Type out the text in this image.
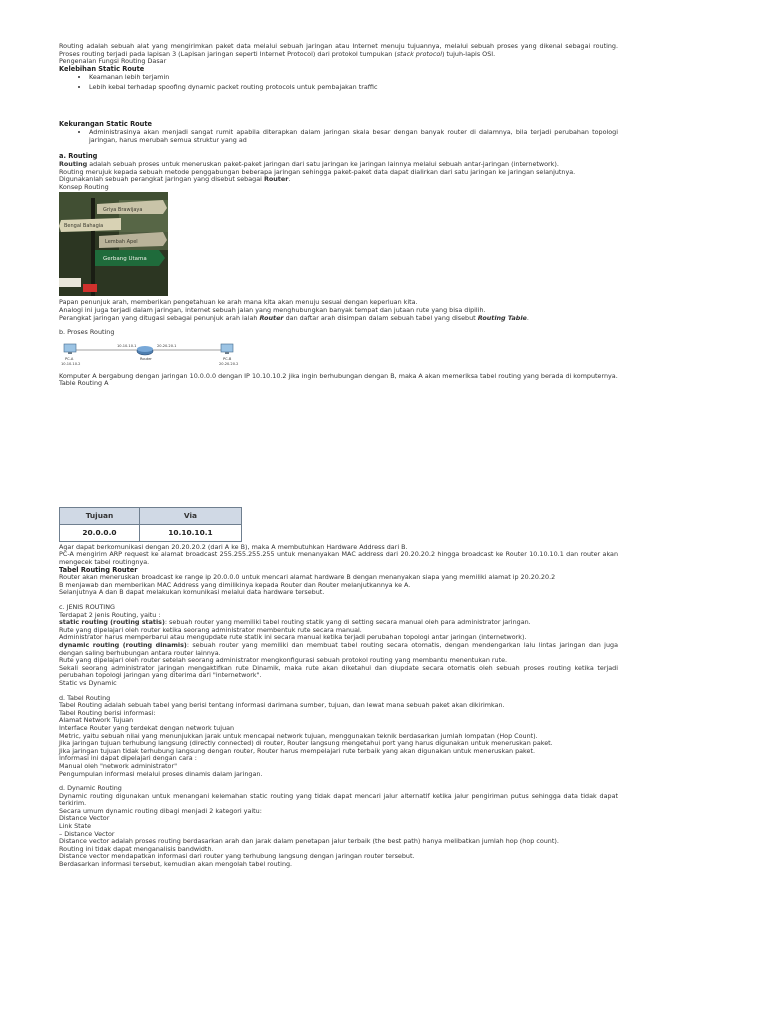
Routing adalah sebuah alat yang mengirimkan paket data melalui sebuah jaringan atau Internet menuju tujuannya, melalui sebuah proses yang dikenal sebagai routing. Proses routing terjadi pada lapisan 3 (Lapisan jaringan seperti Internet Protocol) dari protokol tumpukan (stack protocol) tujuh-lapis OSI.

Pengenalan Fungsi Routing Dasar

Kelebihan Static Route
• Keamanan lebih terjamin
• Lebih kebal terhadap spoofing dynamic packet routing protocols untuk pembajakan traffic
Kekurangan Static Route
• Administrasinya akan menjadi sangat rumit apabila diterapkan dalam jaringan skala besar dengan banyak router di dalamnya, bila terjadi perubahan topologi jaringan, harus merubah semua struktur yang ad
a. Routing

Routing adalah sebuah proses untuk meneruskan paket-paket jaringan dari satu jaringan ke jaringan lainnya melalui sebuah antar-jaringan (internetwork).

Routing merujuk kepada sebuah metode penggabungan beberapa jaringan sehingga paket-paket data dapat dialirkan dari satu jaringan ke jaringan selanjutnya.

Digunakanlah sebuah perangkat jaringan yang disebut sebagai Router.

Konsep Routing

Griya Brawijaya
Bengal Bahagia
Lembah Apel
Gerbang Utama

Papan penunjuk arah, memberikan pengetahuan ke arah mana kita akan menuju sesuai dengan keperluan kita.

Analogi ini juga terjadi dalam jaringan, internet sebuah jalan yang menghubungkan banyak tempat dan jutaan rute yang bisa dipilih.

Perangkat jaringan yang ditugasi sebagai penunjuk arah ialah Router dan daftar arah disimpan dalam sebuah tabel yang disebut Routing Table.

b. Proses Routing

PC-A
10.10.10.2
10.10.10.1	20.20.20.1
Router	PC-B
20.20.20.2

Komputer A bergabung dengan jaringan 10.0.0.0 dengan IP 10.10.10.2 jika ingin berhubungan dengan B, maka A akan memeriksa tabel routing yang berada di komputernya.

Table Routing A

Tujuan	Via
20.0.0.0	10.10.10.1

Agar dapat berkomunikasi dengan 20.20.20.2 (dari A ke B), maka A membutuhkan Hardware Address dari B.

PC-A mengirim ARP request ke alamat broadcast 255.255.255.255 untuk menanyakan MAC address dari 20.20.20.2 hingga broadcast ke Router 10.10.10.1 dan router akan mengecek tabel routingnya.

Tabel Routing Router

Router akan meneruskan broadcast ke range ip 20.0.0.0 untuk mencari alamat hardware B dengan menanyakan siapa yang memiliki alamat ip 20.20.20.2

B menjawab dan memberikan MAC Address yang dimilikinya kepada Router dan Router melanjutkannya ke A.

Selanjutnya A dan B dapat melakukan komunikasi melalui data hardware tersebut.

c. JENIS ROUTING

Terdapat 2 jenis Routing, yaitu :

static routing (routing statis): sebuah router yang memiliki tabel routing statik yang di setting secara manual oleh para administrator jaringan.

Rute yang dipelajari oleh router ketika seorang administrator membentuk rute secara manual.

Administrator harus memperbarui atau mengupdate rute statik ini secara manual ketika terjadi perubahan topologi antar jaringan (internetwork).

dynamic routing (routing dinamis): sebuah router yang memiliki dan membuat tabel routing secara otomatis, dengan mendengarkan lalu lintas jaringan dan juga dengan saling berhubungan antara router lainnya.

Rute yang dipelajari oleh router setelah seorang administrator mengkonfigurasi sebuah protokol routing yang membantu menentukan rute.

Sekali seorang administrator jaringan mengaktifkan rute Dinamik, maka rute akan diketahui dan diupdate secara otomatis oleh sebuah proses routing ketika terjadi perubahan topologi jaringan yang diterima dari "internetwork".

Static vs Dynamic

d. Tabel Routing

Tabel Routing adalah sebuah tabel yang berisi tentang informasi darimana sumber, tujuan, dan lewat mana sebuah paket akan dikirimkan.

Tabel Routing berisi informasi:

Alamat Network Tujuan

Interface Router yang terdekat dengan network tujuan

Metric, yaitu sebuah nilai yang menunjukkan jarak untuk mencapai network tujuan, menggunakan teknik berdasarkan jumlah lompatan (Hop Count).

Jika jaringan tujuan terhubung langsung (directly connected) di router, Router langsung mengetahui port yang harus digunakan untuk meneruskan paket.

Jika jaringan tujuan tidak terhubung langsung dengan router, Router harus mempelajari rute terbaik yang akan digunakan untuk meneruskan paket.

Informasi ini dapat dipelajari dengan cara :

Manual oleh "network administrator"

Pengumpulan informasi melalui proses dinamis dalam jaringan.

d. Dynamic Routing

Dynamic routing digunakan untuk menangani kelemahan static routing yang tidak dapat mencari jalur alternatif ketika jalur pengiriman putus sehingga data tidak dapat terkirim.

Secara umum dynamic routing dibagi menjadi 2 kategori yaitu:

Distance Vector

Link State

– Distance Vector

Distance vector adalah proses routing berdasarkan arah dan jarak dalam penetapan jalur terbaik (the best path) hanya melibatkan jumlah hop (hop count).

Routing ini tidak dapat menganalisis bandwidth.

Distance vector mendapatkan informasi dari router yang terhubung langsung dengan jaringan router tersebut.

Berdasarkan informasi tersebut, kemudian akan mengolah tabel routing.
